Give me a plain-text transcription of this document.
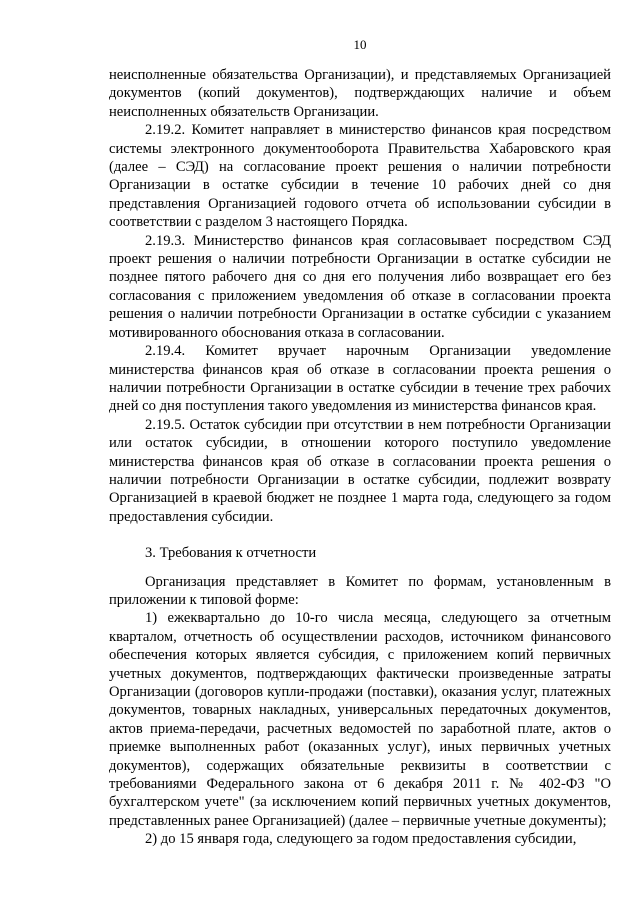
10

неисполненные обязательства Организации), и представляемых Организацией документов (копий документов), подтверждающих наличие и объем неисполненных обязательств Организации.

2.19.2. Комитет направляет в министерство финансов края посредством системы электронного документооборота Правительства Хабаровского края (далее – СЭД) на согласование проект решения о наличии потребности Организации в остатке субсидии в течение 10 рабочих дней со дня представления Организацией годового отчета об использовании субсидии в соответствии с разделом 3 настоящего Порядка.

2.19.3. Министерство финансов края согласовывает посредством СЭД проект решения о наличии потребности Организации в остатке субсидии не позднее пятого рабочего дня со дня его получения либо возвращает его без согласования с приложением уведомления об отказе в согласовании проекта решения о наличии потребности Организации в остатке субсидии с указанием мотивированного обоснования отказа в согласовании.

2.19.4. Комитет вручает нарочным Организации уведомление министерства финансов края об отказе в согласовании проекта решения о наличии потребности Организации в остатке субсидии в течение трех рабочих дней со дня поступления такого уведомления из министерства финансов края.

2.19.5. Остаток субсидии при отсутствии в нем потребности Организации или остаток субсидии, в отношении которого поступило уведомление министерства финансов края об отказе в согласовании проекта решения о наличии потребности Организации в остатке субсидии, подлежит возврату Организацией в краевой бюджет не позднее 1 марта года, следующего за годом предоставления субсидии.

3. Требования к отчетности

Организация представляет в Комитет по формам, установленным в приложении к типовой форме:

1) ежеквартально до 10-го числа месяца, следующего за отчетным кварталом, отчетность об осуществлении расходов, источником финансового обеспечения которых является субсидия, с приложением копий первичных учетных документов, подтверждающих фактически произведенные затраты Организации (договоров купли-продажи (поставки), оказания услуг, платежных документов, товарных накладных, универсальных передаточных документов, актов приема-передачи, расчетных ведомостей по заработной плате, актов о приемке выполненных работ (оказанных услуг), иных первичных учетных документов), содержащих обязательные реквизиты в соответствии с требованиями Федерального закона от 6 декабря 2011 г. № 402-ФЗ "О бухгалтерском учете" (за исключением копий первичных учетных документов, представленных ранее Организацией) (далее – первичные учетные документы);

2) до 15 января года, следующего за годом предоставления субсидии,
